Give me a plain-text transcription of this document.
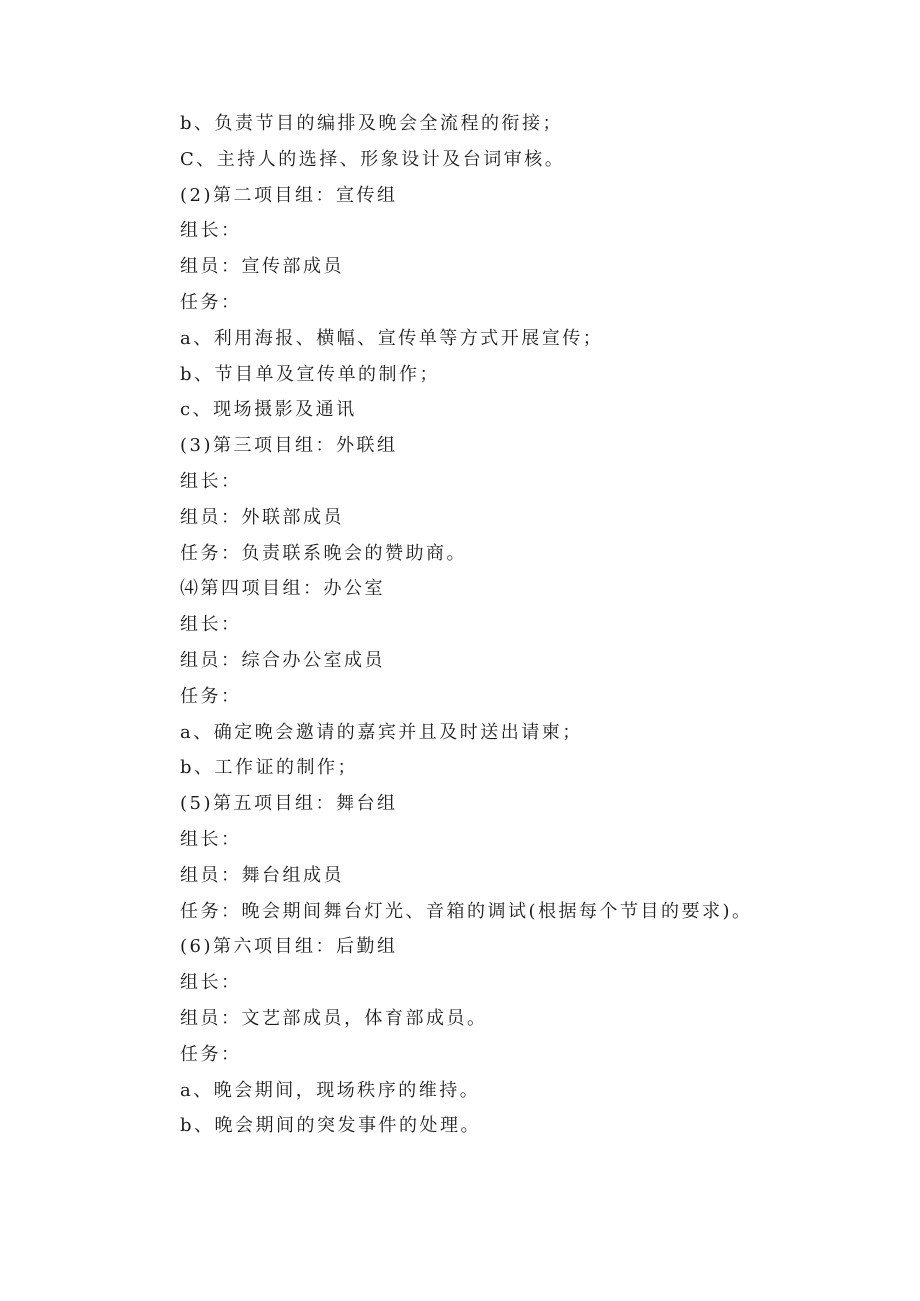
b、负责节目的编排及晚会全流程的衔接；
C、主持人的选择、形象设计及台词审核。
(2)第二项目组：宣传组
组长：
组员：宣传部成员
任务：
a、利用海报、横幅、宣传单等方式开展宣传；
b、节目单及宣传单的制作；
c、现场摄影及通讯
(3)第三项目组：外联组
组长：
组员：外联部成员
任务：负责联系晚会的赞助商。
⑷第四项目组：办公室
组长：
组员：综合办公室成员
任务：
a、确定晚会邀请的嘉宾并且及时送出请柬；
b、工作证的制作；
(5)第五项目组：舞台组
组长：
组员：舞台组成员
任务：晚会期间舞台灯光、音箱的调试(根据每个节目的要求)。
(6)第六项目组：后勤组
组长：
组员：文艺部成员，体育部成员。
任务：
a、晚会期间，现场秩序的维持。
b、晚会期间的突发事件的处理。
